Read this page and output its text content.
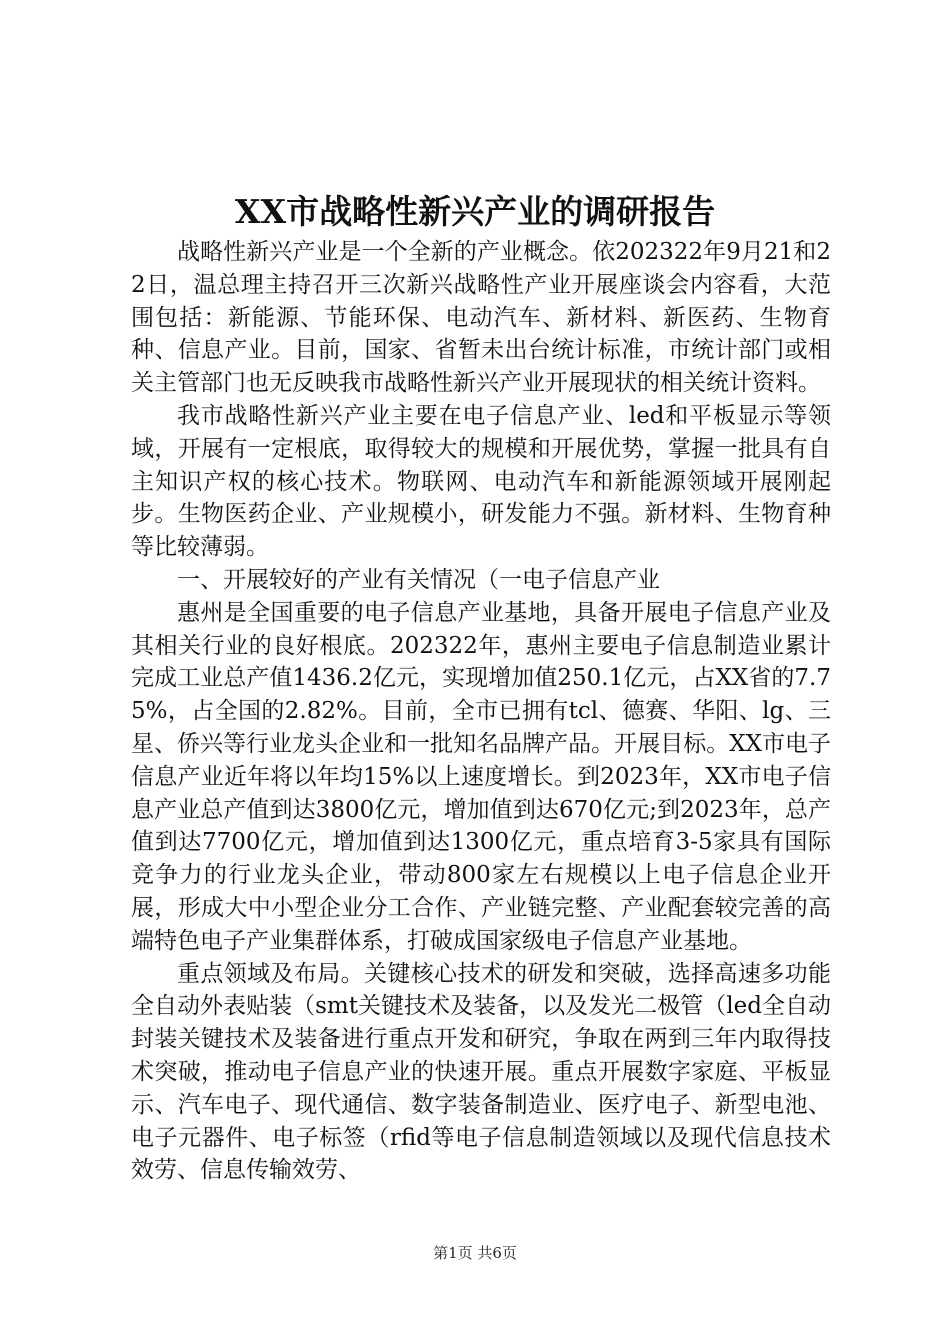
XX市战略性新兴产业的调研报告

战略性新兴产业是一个全新的产业概念。依202322年9月21和22日，温总理主持召开三次新兴战略性产业开展座谈会内容看，大范围包括：新能源、节能环保、电动汽车、新材料、新医药、生物育种、信息产业。目前，国家、省暂未出台统计标准，市统计部门或相关主管部门也无反映我市战略性新兴产业开展现状的相关统计资料。

我市战略性新兴产业主要在电子信息产业、led和平板显示等领域，开展有一定根底，取得较大的规模和开展优势，掌握一批具有自主知识产权的核心技术。物联网、电动汽车和新能源领域开展刚起步。生物医药企业、产业规模小，研发能力不强。新材料、生物育种等比较薄弱。

一、开展较好的产业有关情况（一电子信息产业

惠州是全国重要的电子信息产业基地，具备开展电子信息产业及其相关行业的良好根底。202322年，惠州主要电子信息制造业累计完成工业总产值1436.2亿元，实现增加值250.1亿元，占XX省的7.75%，占全国的2.82%。目前，全市已拥有tcl、德赛、华阳、lg、三星、侨兴等行业龙头企业和一批知名品牌产品。开展目标。XX市电子信息产业近年将以年均15%以上速度增长。到2023年，XX市电子信息产业总产值到达3800亿元，增加值到达670亿元;到2023年，总产值到达7700亿元，增加值到达1300亿元，重点培育3-5家具有国际竞争力的行业龙头企业，带动800家左右规模以上电子信息企业开展，形成大中小型企业分工合作、产业链完整、产业配套较完善的高端特色电子产业集群体系，打破成国家级电子信息产业基地。

重点领域及布局。关键核心技术的研发和突破，选择高速多功能全自动外表贴装（smt关键技术及装备，以及发光二极管（led全自动封装关键技术及装备进行重点开发和研究，争取在两到三年内取得技术突破，推动电子信息产业的快速开展。重点开展数字家庭、平板显示、汽车电子、现代通信、数字装备制造业、医疗电子、新型电池、电子元器件、电子标签（rfid等电子信息制造领域以及现代信息技术效劳、信息传输效劳、

第1页 共6页
